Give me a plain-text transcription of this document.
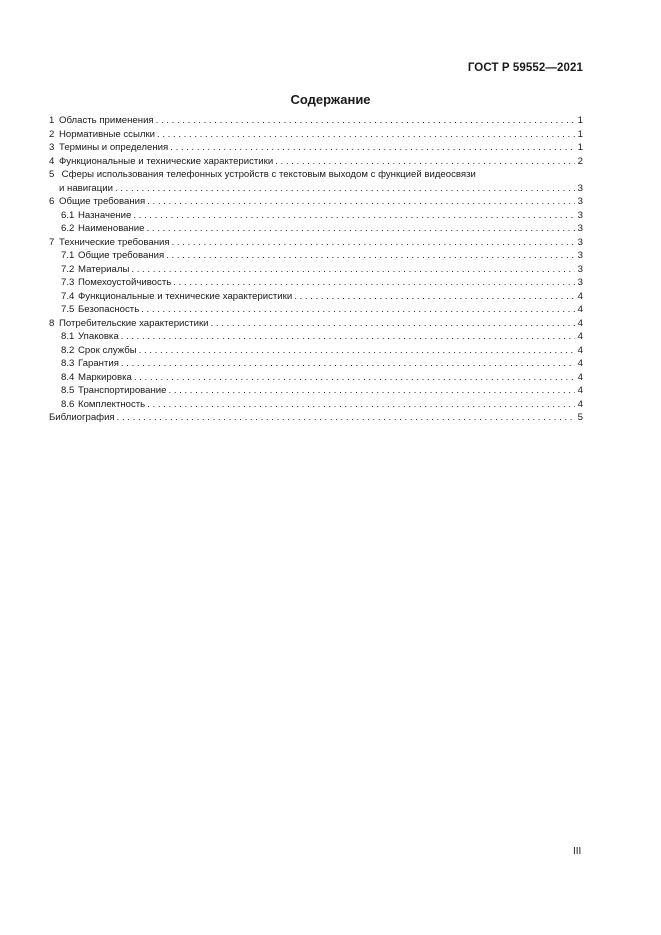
ГОСТ Р 59552—2021
Содержание
1 Область применения . . .	1
2 Нормативные ссылки . . .	1
3 Термины и определения . . .	1
4 Функциональные и технические характеристики . . .	2
5 Сферы использования телефонных устройств с текстовым выходом с функцией видеосвязи
и навигации . . .	3
6 Общие требования . . .	3
6.1 Назначение . . .	3
6.2 Наименование . . .	3
7 Технические требования . . .	3
7.1 Общие требования . . .	3
7.2 Материалы . . .	3
7.3 Помехоустойчивость . . .	3
7.4 Функциональные и технические характеристики . . .	4
7.5 Безопасность . . .	4
8 Потребительские характеристики . . .	4
8.1 Упаковка . . .	4
8.2 Срок службы . . .	4
8.3 Гарантия . . .	4
8.4 Маркировка . . .	4
8.5 Транспортирование . . .	4
8.6 Комплектность . . .	4
Библиография . . .	5
III
